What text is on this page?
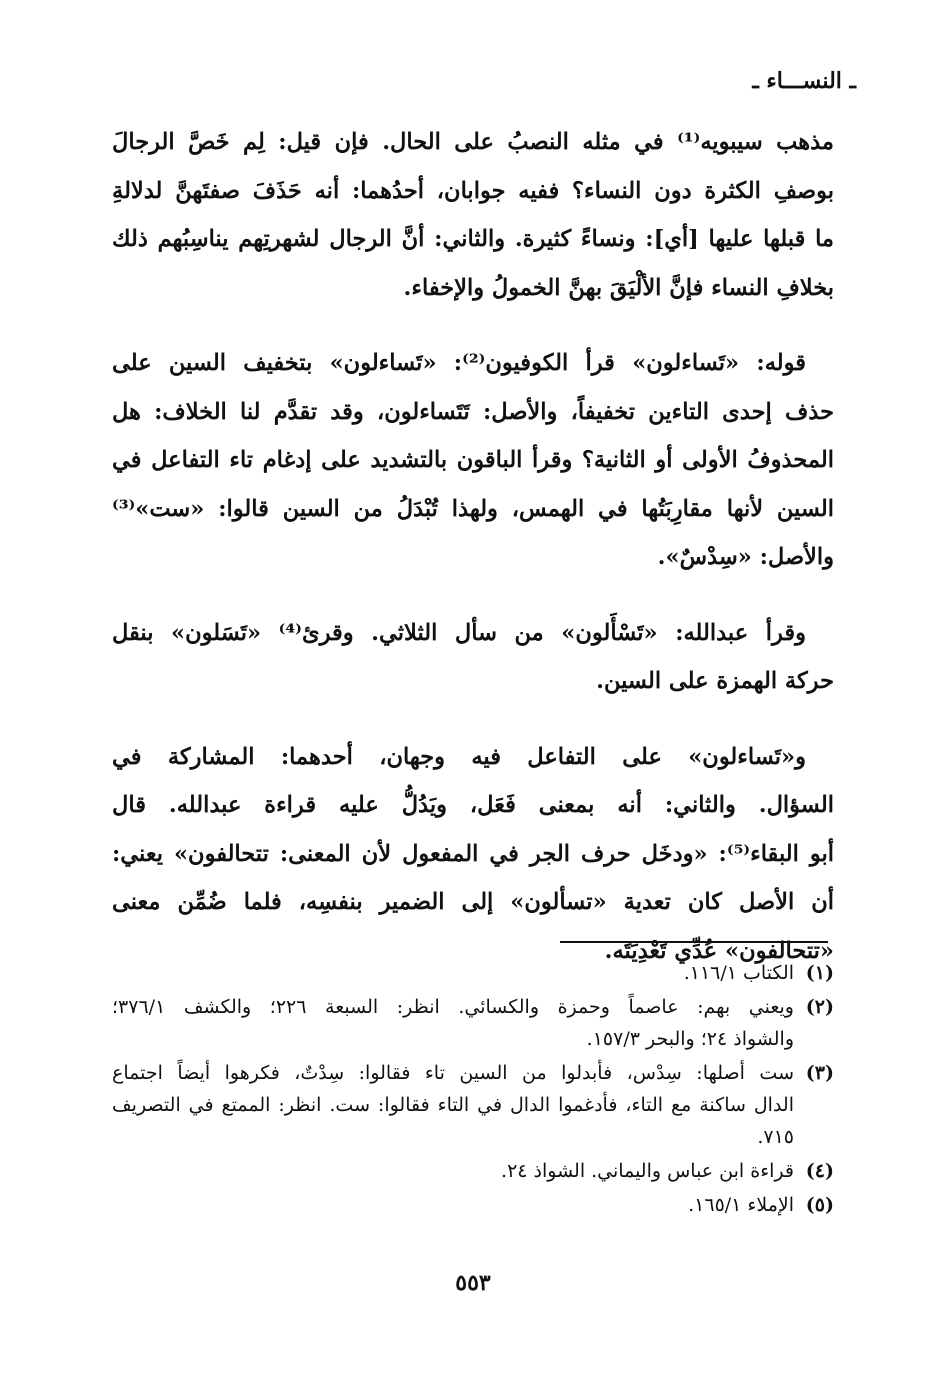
ـ النســـاء ـ

مذهب سيبويه⁽¹⁾ في مثله النصبُ على الحال. فإن قيل: لِم خَصَّ الرجالَ
بوصفِ الكثرة دون النساء؟ ففيه جوابان، أحدُهما: أنه حَذَفَ صفتَهنَّ لدلالةِ
ما قبلها عليها [أي]: ونساءً كثيرة. والثاني: أنَّ الرجال لشهرتِهم يناسِبُهم ذلك
بخلافِ النساء فإنَّ الألْيَقَ بهنَّ الخمولُ والإخفاء.

قوله: «تَساءلون» قرأ الكوفيون⁽²⁾: «تَساءلون» بتخفيف السين على
حذف إحدى التاءين تخفيفاً، والأصل: تَتَساءلون، وقد تقدَّم لنا الخلاف: هل
المحذوفُ الأولى أو الثانية؟ وقرأ الباقون بالتشديد على إدغام تاء التفاعل في
السين لأنها مقارِبَتُها في الهمس، ولهذا تُبْدَلُ من السين قالوا: «ست»⁽³⁾
والأصل: «سِدْسٌ».

وقرأ عبدالله: «تَسْأَلون» من سأل الثلاثي. وقرئ⁽⁴⁾ «تَسَلون» بنقل
حركة الهمزة على السين.

و«تَساءلون» على التفاعل فيه وجهان، أحدهما: المشاركة في
السؤال. والثاني: أنه بمعنى فَعَل، ويَدُلُّ عليه قراءة عبدالله. قال
أبو البقاء⁽⁵⁾: «ودخَل حرف الجر في المفعول لأن المعنى: تتحالفون» يعني:
أن الأصل كان تعدية «تسألون» إلى الضمير بنفسِه، فلما ضُمِّن معنى
«تتحالفون» عُدِّي تَعْدِيَتَه.

(١)
الكتاب ١١٦/١.
(٢)
ويعني بهم: عاصماً وحمزة والكسائي. انظر: السبعة ٢٢٦؛ والكشف ٣٧٦/١؛
والشواذ ٢٤؛ والبحر ١٥٧/٣.
(٣)
ست أصلها: سِدْس، فأبدلوا من السين تاء فقالوا: سِدْتٌ، فكرهوا أيضاً اجتماع
الدال ساكنة مع التاء، فأدغموا الدال في التاء فقالوا: ست. انظر: الممتع في التصريف
٧١٥.
(٤)
قراءة ابن عباس واليماني. الشواذ ٢٤.
(٥)
الإملاء ١٦٥/١.
٥٥٣
